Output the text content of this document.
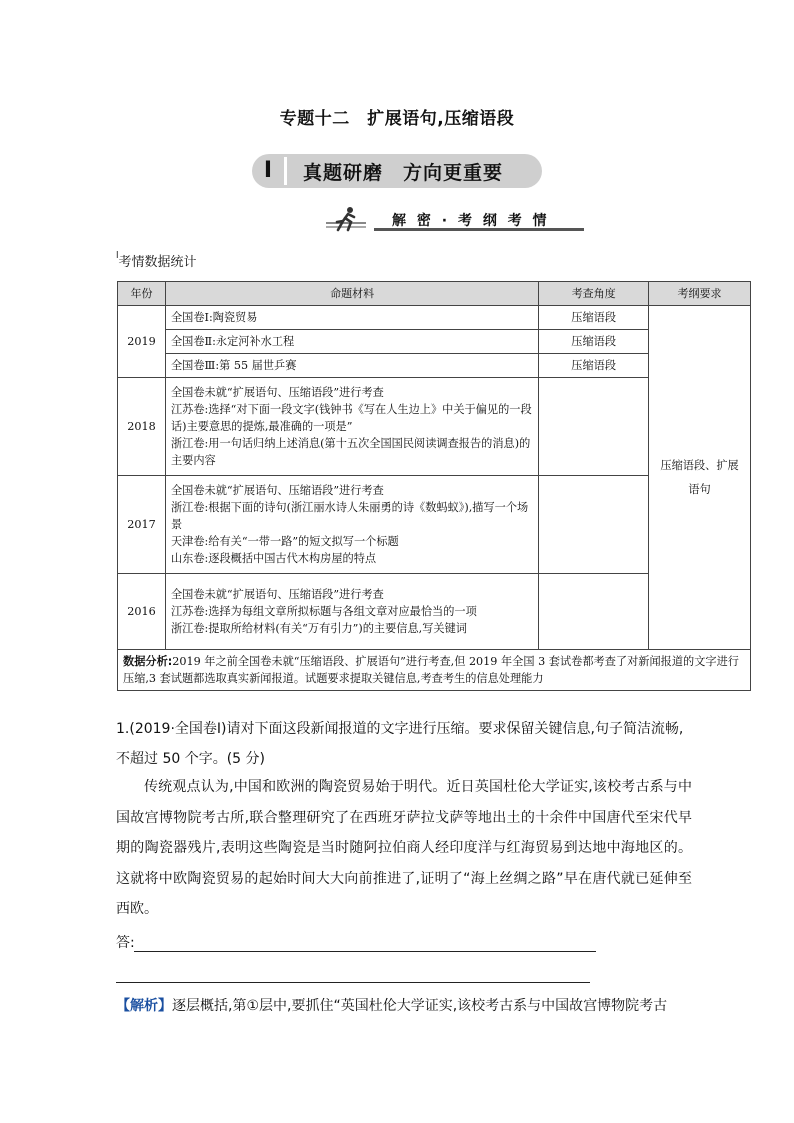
专题十二　扩展语句,压缩语段
Ⅰ	真题研磨　方向更重要
解 密 · 考 纲 考 情
$^l$考情数据统计
年份	命题材料	考查角度	考纲要求
2019	全国卷Ⅰ:陶瓷贸易	压缩语段	压缩语段、扩展语句
	全国卷Ⅱ:永定河补水工程	压缩语段	
	全国卷Ⅲ:第 55 届世乒赛	压缩语段	
2018	全国卷未就“扩展语句、压缩语段”进行考查
江苏卷:选择“对下面一段文字(钱钟书《写在人生边上》中关于偏见的一段话)主要意思的提炼,最准确的一项是”
浙江卷:用一句话归纳上述消息(第十五次全国国民阅读调查报告的消息)的主要内容		

2017	全国卷未就“扩展语句、压缩语段”进行考查
浙江卷:根据下面的诗句(浙江丽水诗人朱丽勇的诗《数蚂蚁》),描写一个场景
天津卷:给有关“一带一路”的短文拟写一个标题
山东卷:逐段概括中国古代木构房屋的特点		

2016	全国卷未就“扩展语句、压缩语段”进行考查
江苏卷:选择为每组文章所拟标题与各组文章对应最恰当的一项
浙江卷:提取所给材料(有关“万有引力”)的主要信息,写关键词		

数据分析:2019 年之前全国卷未就“压缩语段、扩展语句”进行考查,但 2019 年全国 3 套试卷都考查了对新闻报道的文字进行压缩,3 套试题都选取真实新闻报道。试题要求提取关键信息,考查考生的信息处理能力			
1.(2019·全国卷Ⅰ)请对下面这段新闻报道的文字进行压缩。要求保留关键信息,句子简洁流畅,不超过 50 个字。(5 分)
传统观点认为,中国和欧洲的陶瓷贸易始于明代。近日英国杜伦大学证实,该校考古系与中国故宫博物院考古所,联合整理研究了在西班牙萨拉戈萨等地出土的十余件中国唐代至宋代早期的陶瓷器残片,表明这些陶瓷是当时随阿拉伯商人经印度洋与红海贸易到达地中海地区的。这就将中欧陶瓷贸易的起始时间大大向前推进了,证明了“海上丝绸之路”早在唐代就已延伸至西欧。
答:
【解析】逐层概括,第①层中,要抓住“英国杜伦大学证实,该校考古系与中国故宫博物院考古
